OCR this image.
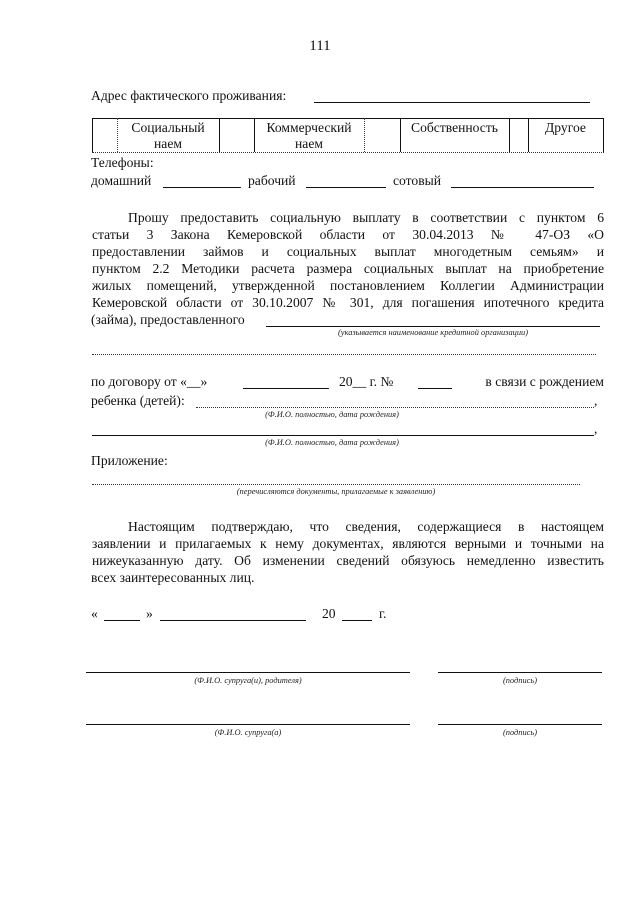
111
Адрес фактического проживания:
Социальный
наем
Коммерческий
наем
Собственность	Другое
Телефоны:
домашний	рабочий	сотовый
Прошу предоставить социальную выплату в соответствии с пунктом 6
статьи 3 Закона Кемеровской области от 30.04.2013 № 47-ОЗ «О
предоставлении займов и социальных выплат многодетным семьям» и
пунктом 2.2 Методики расчета размера социальных выплат на приобретение
жилых помещений, утвержденной постановлением Коллегии Администрации
Кемеровской области от 30.10.2007 № 301, для погашения ипотечного кредита
(займа), предоставленного
(указывается наименование кредитной организации)
по договору от «__»	20__ г. №	в связи с рождением
ребенка (детей):	,
(Ф.И.О. полностью, дата рождения)
,
(Ф.И.О. полностью, дата рождения)
Приложение:
(перечисляются документы, прилагаемые к заявлению)
Настоящим подтверждаю, что сведения, содержащиеся в настоящем
заявлении и прилагаемых к нему документах, являются верными и точными на
нижеуказанную дату. Об изменении сведений обязуюсь немедленно известить
всех заинтересованных лиц.
«	»	20	г.
(Ф.И.О. супруга(и), родителя)	(подпись)
(Ф.И.О. супруга(а)	(подпись)
